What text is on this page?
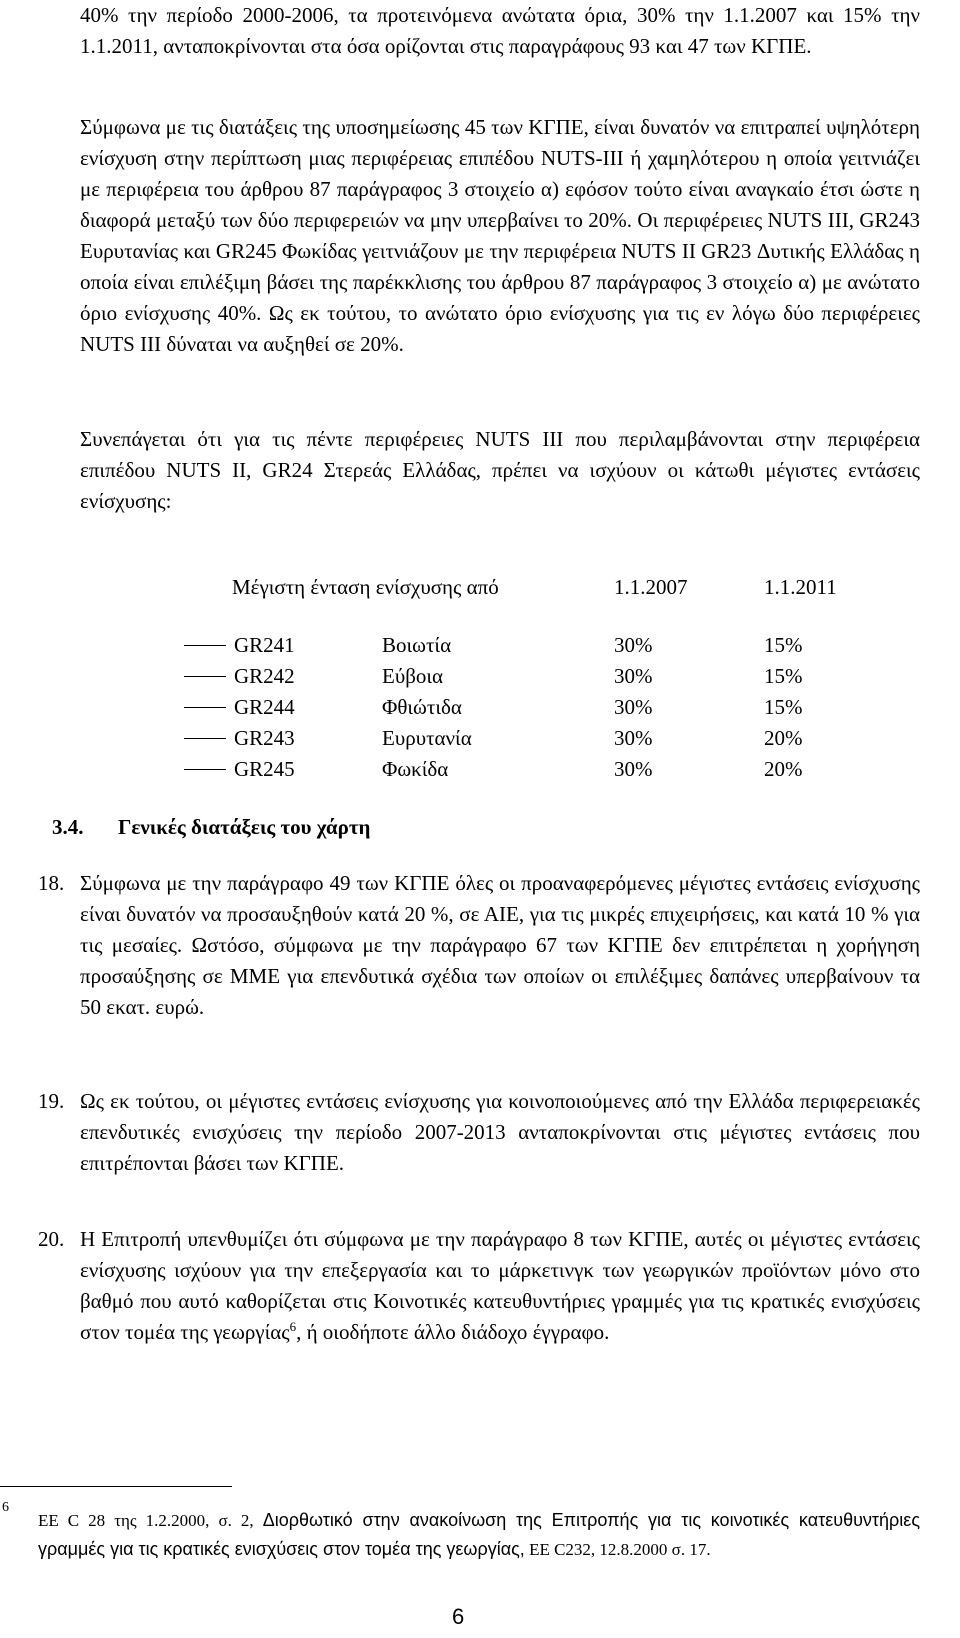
40% την περίοδο 2000-2006, τα προτεινόμενα ανώτατα όρια, 30% την 1.1.2007 και 15% την 1.1.2011, ανταποκρίνονται στα όσα ορίζονται στις παραγράφους 93 και 47 των ΚΓΠΕ.

Σύμφωνα με τις διατάξεις της υποσημείωσης 45 των ΚΓΠΕ, είναι δυνατόν να επιτραπεί υψηλότερη ενίσχυση στην περίπτωση μιας περιφέρειας επιπέδου NUTS-III ή χαμηλότερου η οποία γειτνιάζει με περιφέρεια του άρθρου 87 παράγραφος 3 στοιχείο α) εφόσον τούτο είναι αναγκαίο έτσι ώστε η διαφορά μεταξύ των δύο περιφερειών να μην υπερβαίνει το 20%. Οι περιφέρειες NUTS III, GR243 Ευρυτανίας και GR245 Φωκίδας γειτνιάζουν με την περιφέρεια NUTS II GR23 Δυτικής Ελλάδας η οποία είναι επιλέξιμη βάσει της παρέκκλισης του άρθρου 87 παράγραφος 3 στοιχείο α) με ανώτατο όριο ενίσχυσης 40%. Ως εκ τούτου, το ανώτατο όριο ενίσχυσης για τις εν λόγω δύο περιφέρειες NUTS III δύναται να αυξηθεί σε 20%.

Συνεπάγεται ότι για τις πέντε περιφέρειες NUTS III που περιλαμβάνονται στην περιφέρεια επιπέδου NUTS II, GR24 Στερεάς Ελλάδας, πρέπει να ισχύουν οι κάτωθι μέγιστες εντάσεις ενίσχυσης:

Μέγιστη ένταση ενίσχυσης από	1.1.2007	1.1.2011
GR241	Βοιωτία	30%	15%
GR242	Εύβοια	30%	15%
GR244	Φθιώτιδα	30%	15%
GR243	Ευρυτανία	30%	20%
GR245	Φωκίδα	30%	20%
3.4. Γενικές διατάξεις του χάρτη
18. Σύμφωνα με την παράγραφο 49 των ΚΓΠΕ όλες οι προαναφερόμενες μέγιστες εντάσεις ενίσχυσης είναι δυνατόν να προσαυξηθούν κατά 20 %, σε ΑΙΕ, για τις μικρές επιχειρήσεις, και κατά 10 % για τις μεσαίες. Ωστόσο, σύμφωνα με την παράγραφο 67 των ΚΓΠΕ δεν επιτρέπεται η χορήγηση προσαύξησης σε ΜΜΕ για επενδυτικά σχέδια των οποίων οι επιλέξιμες δαπάνες υπερβαίνουν τα 50 εκατ. ευρώ.

19. Ως εκ τούτου, οι μέγιστες εντάσεις ενίσχυσης για κοινοποιούμενες από την Ελλάδα περιφερειακές επενδυτικές ενισχύσεις την περίοδο 2007-2013 ανταποκρίνονται στις μέγιστες εντάσεις που επιτρέπονται βάσει των ΚΓΠΕ.

20. Η Επιτροπή υπενθυμίζει ότι σύμφωνα με την παράγραφο 8 των ΚΓΠΕ, αυτές οι μέγιστες εντάσεις ενίσχυσης ισχύουν για την επεξεργασία και το μάρκετινγκ των γεωργικών προϊόντων μόνο στο βαθμό που αυτό καθορίζεται στις Κοινοτικές κατευθυντήριες γραμμές για τις κρατικές ενισχύσεις στον τομέα της γεωργίας$^6$, ή οιοδήποτε άλλο διάδοχο έγγραφο.

6

ΕΕ C 28 της 1.2.2000, σ. 2, Διορθωτικό στην ανακοίνωση της Επιτροπής για τις κοινοτικές κατευθυντήριες γραμμές για τις κρατικές ενισχύσεις στον τομέα της γεωργίας, ΕΕ C232, 12.8.2000 σ. 17.

6
